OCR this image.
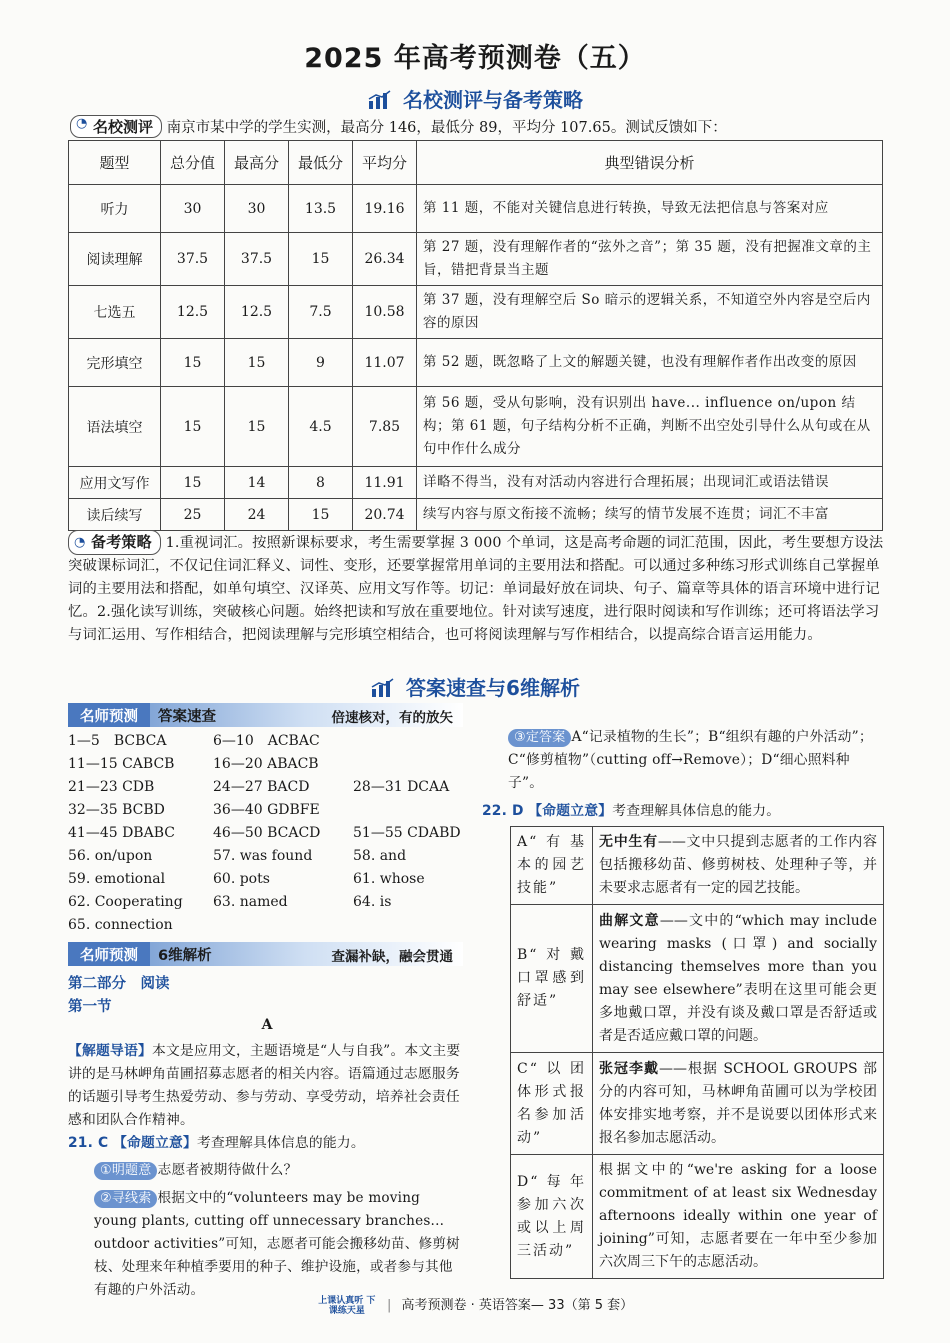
2025 年高考预测卷（五）
名校测评与备考策略
◔ 名校测评 南京市某中学的学生实测，最高分 146，最低分 89，平均分 107.65。测试反馈如下：
题型	总分值	最高分	最低分	平均分	典型错误分析
听力	30	30	13.5	19.16	第 11 题，不能对关键信息进行转换，导致无法把信息与答案对应
阅读理解	37.5	37.5	15	26.34	第 27 题，没有理解作者的“弦外之音”；第 35 题，没有把握准文章的主旨，错把背景当主题
七选五	12.5	12.5	7.5	10.58	第 37 题，没有理解空后 So 暗示的逻辑关系，不知道空外内容是空后内容的原因
完形填空	15	15	9	11.07	第 52 题，既忽略了上文的解题关键，也没有理解作者作出改变的原因
语法填空	15	15	4.5	7.85	第 56 题，受从句影响，没有识别出 have... influence on/upon 结构；第 61 题，句子结构分析不正确，判断不出空处引导什么从句或在从句中作什么成分
应用文写作	15	14	8	11.91	详略不得当，没有对活动内容进行合理拓展；出现词汇或语法错误
读后续写	25	24	15	20.74	续写内容与原文衔接不流畅；续写的情节发展不连贯；词汇不丰富
◔ 备考策略 1.重视词汇。按照新课标要求，考生需要掌握 3 000 个单词，这是高考命题的词汇范围，因此，考生要想方设法突破课标词汇，不仅记住词汇释义、词性、变形，还要掌握常用单词的主要用法和搭配。可以通过多种练习形式训练自己掌握单词的主要用法和搭配，如单句填空、汉译英、应用文写作等。切记：单词最好放在词块、句子、篇章等具体的语言环境中进行记忆。2.强化读写训练，突破核心问题。始终把读和写放在重要地位。针对读写速度，进行限时阅读和写作训练；还可将语法学习与词汇运用、写作相结合，把阅读理解与完形填空相结合，也可将阅读理解与写作相结合，以提高综合语言运用能力。
答案速查与6维解析
名师预测 答案速查	倍速核对，有的放矢
1—5　BCBCA	6—10　ACBAC
11—15 CABCB	16—20 ABACB
21—23 CDB	24—27 BACD	28—31 DCAA
32—35 BCBD	36—40 GDBFE
41—45 DBABC	46—50 BCACD 51—55 CDABD
56. on/upon	57. was found	58. and
59. emotional	60. pots	61. whose
62. Cooperating 63. named	64. is
65. connection
名师预测 6维解析	查漏补缺，融会贯通
第二部分　阅读
第一节
A
【解题导语】本文是应用文，主题语境是“人与自我”。本文主要讲的是马林岬角苗圃招募志愿者的相关内容。语篇通过志愿服务的话题引导考生热爱劳动、参与劳动、享受劳动，培养社会责任感和团队合作精神。
21. C 【命题立意】考查理解具体信息的能力。
①明题意 志愿者被期待做什么？
②寻线索 根据文中的“volunteers may be moving young plants, cutting off unnecessary branches... outdoor activities”可知，志愿者可能会搬移幼苗、修剪树枝、处理来年种植季要用的种子、维护设施，或者参与其他有趣的户外活动。
③定答案 A“记录植物的生长”；B“组织有趣的户外活动”；C“修剪植物”（cutting off→Remove）；D“细心照料种子”。
22. D 【命题立意】考查理解具体信息的能力。
A“有基本的园艺技能”	无中生有——文中只提到志愿者的工作内容包括搬移幼苗、修剪树枝、处理种子等，并未要求志愿者有一定的园艺技能。
B“对戴口罩感到舒适”	曲解文意——文中的“which may include wearing masks (口罩) and socially distancing themselves more than you may see elsewhere”表明在这里可能会更多地戴口罩，并没有谈及戴口罩是否舒适或者是否适应戴口罩的问题。
C“以团体形式报名参加活动”	张冠李戴——根据 SCHOOL GROUPS 部分的内容可知，马林岬角苗圃可以为学校团体安排实地考察，并不是说要以团体形式来报名参加志愿活动。
D“每年参加六次或以上周三活动”	根据文中的“we're asking for a loose commitment of at least six Wednesday afternoons ideally within one year of joining”可知，志愿者要在一年中至少参加六次周三下午的志愿活动。
上课认真听 下课练天星 | 高考预测卷 · 英语答案— 33（第 5 套）
